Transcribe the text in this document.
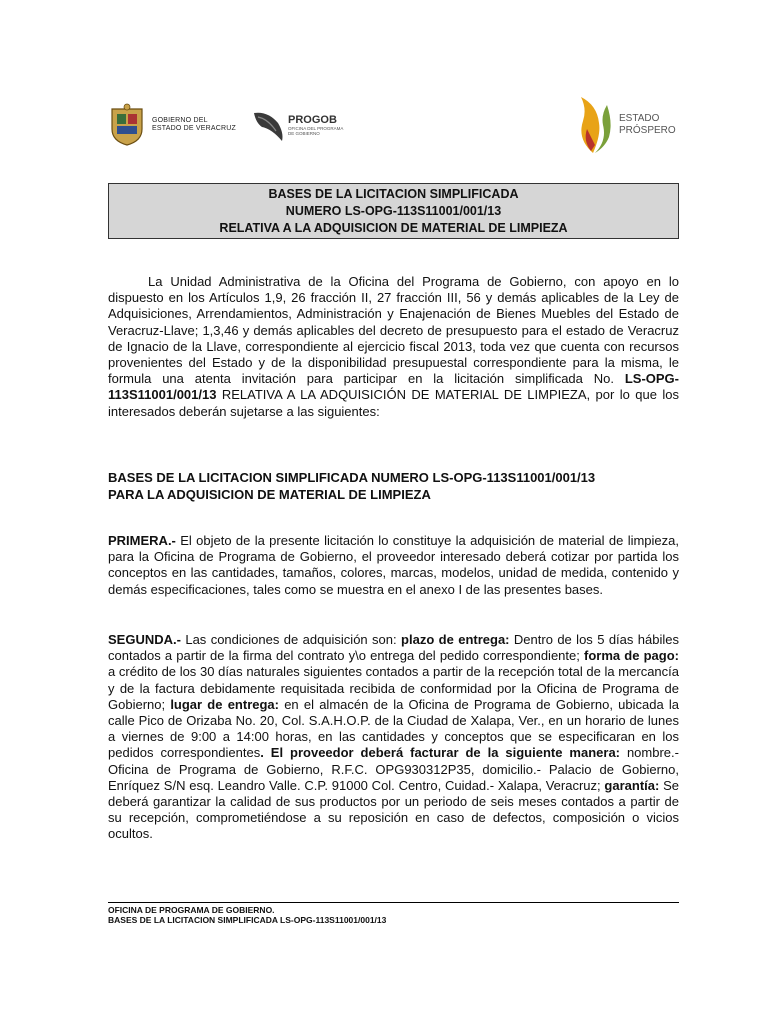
GOBIERNO DEL
ESTADO DE VERACRUZ
PROGOB
OFICINA DEL PROGRAMA
DE GOBIERNO
ESTADO
PRÓSPERO
BASES DE LA LICITACION SIMPLIFICADA
NUMERO LS-OPG-113S11001/001/13
RELATIVA A LA ADQUISICION DE MATERIAL DE LIMPIEZA

La Unidad Administrativa de la Oficina del Programa de Gobierno, con apoyo en lo dispuesto en los Artículos 1,9, 26 fracción II, 27 fracción III, 56 y demás aplicables de la Ley de Adquisiciones, Arrendamientos, Administración y Enajenación de Bienes Muebles del Estado de Veracruz-Llave; 1,3,46 y demás aplicables del decreto de presupuesto para el estado de Veracruz de Ignacio de la Llave, correspondiente al ejercicio fiscal 2013, toda vez que cuenta con recursos provenientes del Estado y de la disponibilidad presupuestal correspondiente para la misma, le formula una atenta invitación para participar en la licitación simplificada No. LS-OPG-113S11001/001/13 RELATIVA A LA ADQUISICIÓN DE MATERIAL DE LIMPIEZA, por lo que los interesados deberán sujetarse a las siguientes:

BASES DE LA LICITACION SIMPLIFICADA NUMERO LS-OPG-113S11001/001/13
PARA LA ADQUISICION DE MATERIAL DE LIMPIEZA

PRIMERA.- El objeto de la presente licitación lo constituye la adquisición de material de limpieza, para la Oficina de Programa de Gobierno, el proveedor interesado deberá cotizar por partida los conceptos en las cantidades, tamaños, colores, marcas, modelos, unidad de medida, contenido y demás especificaciones, tales como se muestra en el anexo I de las presentes bases.

SEGUNDA.- Las condiciones de adquisición son: plazo de entrega: Dentro de los 5 días hábiles contados a partir de la firma del contrato y\o entrega del pedido correspondiente; forma de pago: a crédito de los 30 días naturales siguientes contados a partir de la recepción total de la mercancía y de la factura debidamente requisitada recibida de conformidad por la Oficina de Programa de Gobierno; lugar de entrega: en el almacén de la Oficina de Programa de Gobierno, ubicada la calle Pico de Orizaba No. 20, Col. S.A.H.O.P. de la Ciudad de Xalapa, Ver., en un horario de lunes a viernes de 9:00 a 14:00 horas, en las cantidades y conceptos que se especificaran en los pedidos correspondientes. El proveedor deberá facturar de la siguiente manera: nombre.- Oficina de Programa de Gobierno, R.F.C. OPG930312P35, domicilio.- Palacio de Gobierno, Enríquez S/N esq. Leandro Valle. C.P. 91000 Col. Centro, Cuidad.- Xalapa, Veracruz; garantía: Se deberá garantizar la calidad de sus productos por un periodo de seis meses contados a partir de su recepción, comprometiéndose a su reposición en caso de defectos, composición o vicios ocultos.

OFICINA DE PROGRAMA DE GOBIERNO.
BASES DE LA LICITACION SIMPLIFICADA LS-OPG-113S11001/001/13
